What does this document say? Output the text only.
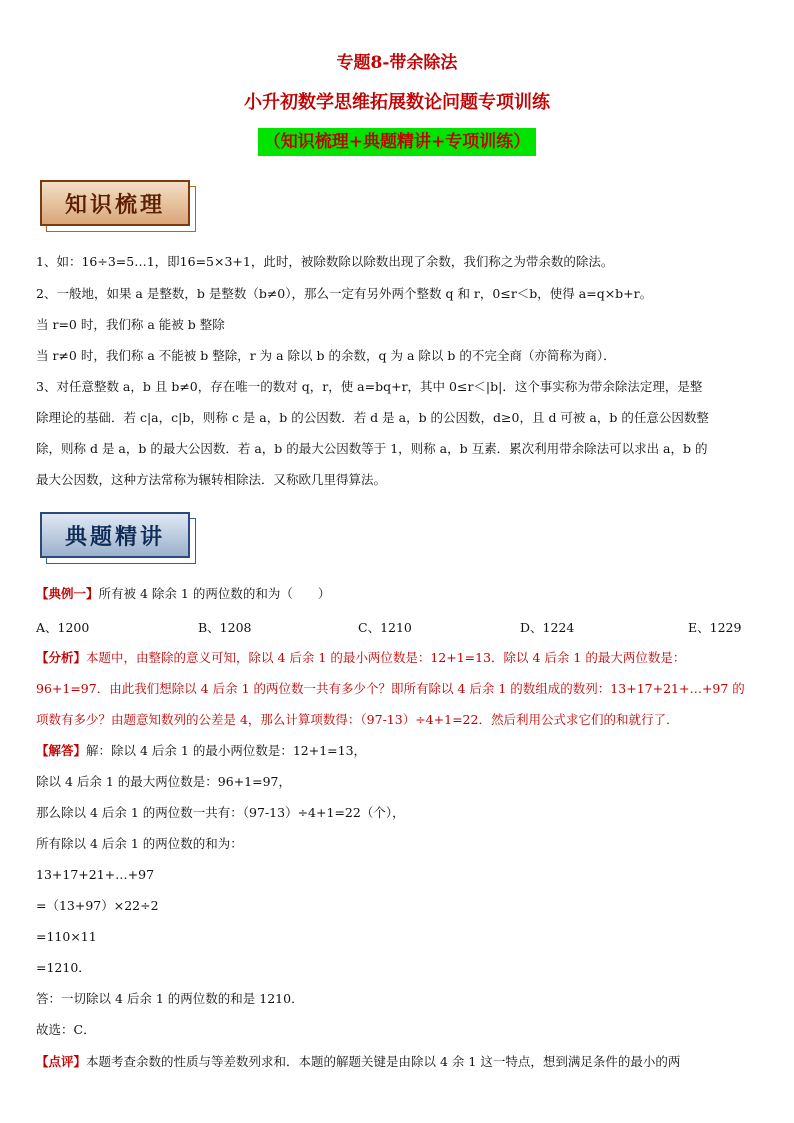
专题8-带余除法
小升初数学思维拓展数论问题专项训练
（知识梳理+典题精讲+专项训练）
知识梳理
1、如：16÷3=5…1，即16=5×3+1，此时，被除数除以除数出现了余数，我们称之为带余数的除法。
2、一般地，如果 a 是整数，b 是整数（b≠0），那么一定有另外两个整数 q 和 r，0≤r＜b，使得 a=q×b+r。
当 r=0 时，我们称 a 能被 b 整除
当 r≠0 时，我们称 a 不能被 b 整除，r 为 a 除以 b 的余数，q 为 a 除以 b 的不完全商（亦简称为商）．
3、对任意整数 a，b 且 b≠0，存在唯一的数对 q，r，使 a=bq+r，其中 0≤r＜|b|．这个事实称为带余除法定理，是整
除理论的基础．若 c|a，c|b，则称 c 是 a，b 的公因数．若 d 是 a，b 的公因数，d≥0，且 d 可被 a，b 的任意公因数整
除，则称 d 是 a，b 的最大公因数．若 a，b 的最大公因数等于 1，则称 a，b 互素．累次利用带余除法可以求出 a，b 的
最大公因数，这种方法常称为辗转相除法．又称欧几里得算法。
典题精讲
【典例一】所有被 4 除余 1 的两位数的和为（　　）
A、1200	B、1208	C、1210	D、1224	E、1229
【分析】本题中，由整除的意义可知，除以 4 后余 1 的最小两位数是：12+1=13．除以 4 后余 1 的最大两位数是：
96+1=97．由此我们想除以 4 后余 1 的两位数一共有多少个？即所有除以 4 后余 1 的数组成的数列：13+17+21+…+97 的
项数有多少？由题意知数列的公差是 4，那么计算项数得：（97-13）÷4+1=22．然后利用公式求它们的和就行了．
【解答】解：除以 4 后余 1 的最小两位数是：12+1=13，
除以 4 后余 1 的最大两位数是：96+1=97，
那么除以 4 后余 1 的两位数一共有：（97-13）÷4+1=22（个），
所有除以 4 后余 1 的两位数的和为：
13+17+21+…+97
=（13+97）×22÷2
=110×11
=1210．
答：一切除以 4 后余 1 的两位数的和是 1210．
故选：C．
【点评】本题考查余数的性质与等差数列求和．本题的解题关键是由除以 4 余 1 这一特点，想到满足条件的最小的两
